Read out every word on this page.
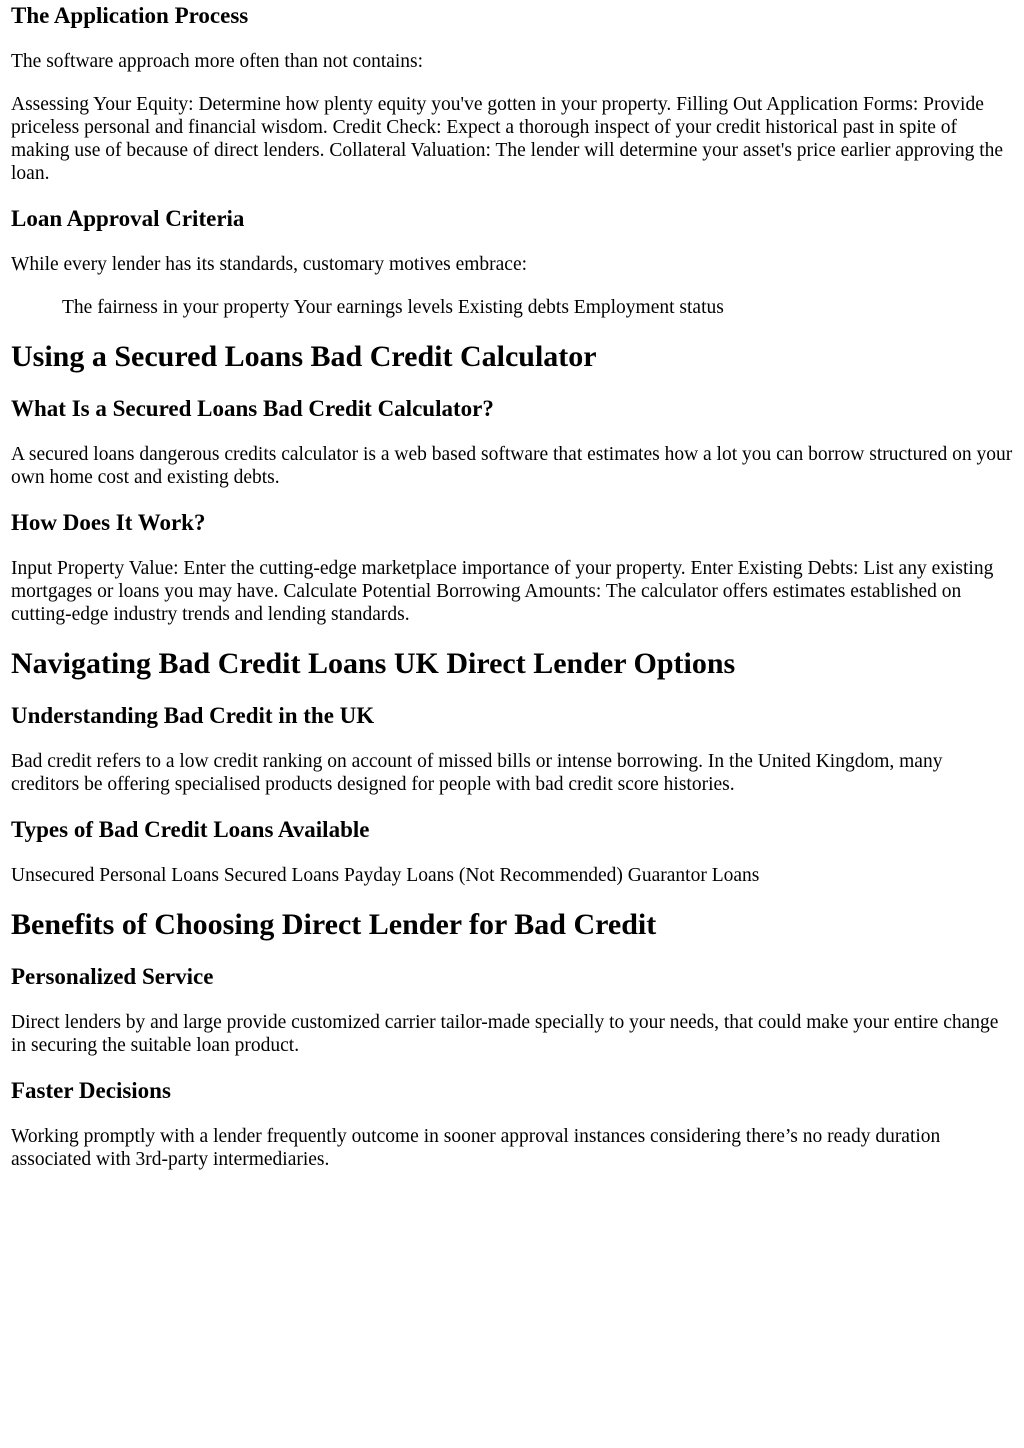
The Application Process

The software approach more often than not contains:

Assessing Your Equity: Determine how plenty equity you've gotten in your property. Filling Out Application Forms: Provide priceless personal and financial wisdom. Credit Check: Expect a thorough inspect of your credit historical past in spite of making use of because of direct lenders. Collateral Valuation: The lender will determine your asset's price earlier approving the loan.

Loan Approval Criteria

While every lender has its standards, customary motives embrace:

The fairness in your property Your earnings levels Existing debts Employment status

Using a Secured Loans Bad Credit Calculator
What Is a Secured Loans Bad Credit Calculator?

A secured loans dangerous credits calculator is a web based software that estimates how a lot you can borrow structured on your own home cost and existing debts.

How Does It Work?

Input Property Value: Enter the cutting-edge marketplace importance of your property. Enter Existing Debts: List any existing mortgages or loans you may have. Calculate Potential Borrowing Amounts: The calculator offers estimates established on cutting-edge industry trends and lending standards.

Navigating Bad Credit Loans UK Direct Lender Options
Understanding Bad Credit in the UK

Bad credit refers to a low credit ranking on account of missed bills or intense borrowing. In the United Kingdom, many creditors be offering specialised products designed for people with bad credit score histories.

Types of Bad Credit Loans Available

Unsecured Personal Loans Secured Loans Payday Loans (Not Recommended) Guarantor Loans

Benefits of Choosing Direct Lender for Bad Credit
Personalized Service

Direct lenders by and large provide customized carrier tailor-made specially to your needs, that could make your entire change in securing the suitable loan product.

Faster Decisions

Working promptly with a lender frequently outcome in sooner approval instances considering there’s no ready duration associated with 3rd-party intermediaries.
